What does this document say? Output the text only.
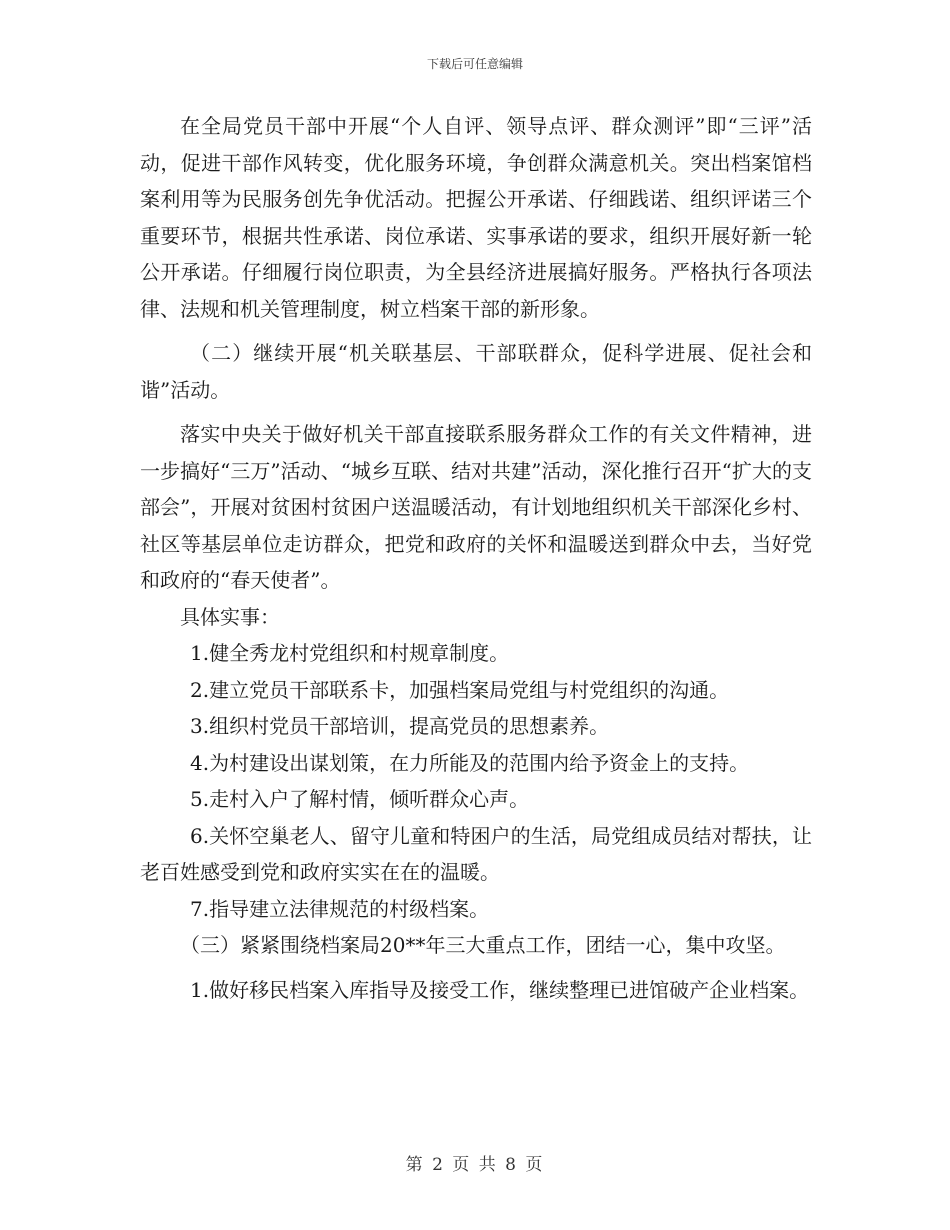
下载后可任意编辑

在全局党员干部中开展“个人自评、领导点评、群众测评”即“三评”活动，促进干部作风转变，优化服务环境，争创群众满意机关。突出档案馆档案利用等为民服务创先争优活动。把握公开承诺、仔细践诺、组织评诺三个重要环节，根据共性承诺、岗位承诺、实事承诺的要求，组织开展好新一轮公开承诺。仔细履行岗位职责，为全县经济进展搞好服务。严格执行各项法律、法规和机关管理制度，树立档案干部的新形象。

（二）继续开展“机关联基层、干部联群众，促科学进展、促社会和谐”活动。

落实中央关于做好机关干部直接联系服务群众工作的有关文件精神，进一步搞好“三万”活动、“城乡互联、结对共建”活动，深化推行召开“扩大的支部会”，开展对贫困村贫困户送温暖活动，有计划地组织机关干部深化乡村、社区等基层单位走访群众，把党和政府的关怀和温暖送到群众中去，当好党和政府的“春天使者”。

具体实事：

1.健全秀龙村党组织和村规章制度。

2.建立党员干部联系卡，加强档案局党组与村党组织的沟通。

3.组织村党员干部培训，提高党员的思想素养。

4.为村建设出谋划策，在力所能及的范围内给予资金上的支持。

5.走村入户了解村情，倾听群众心声。

6.关怀空巢老人、留守儿童和特困户的生活，局党组成员结对帮扶，让老百姓感受到党和政府实实在在的温暖。

7.指导建立法律规范的村级档案。

（三）紧紧围绕档案局20**年三大重点工作，团结一心，集中攻坚。

1.做好移民档案入库指导及接受工作，继续整理已进馆破产企业档案。

第 2 页 共 8 页
